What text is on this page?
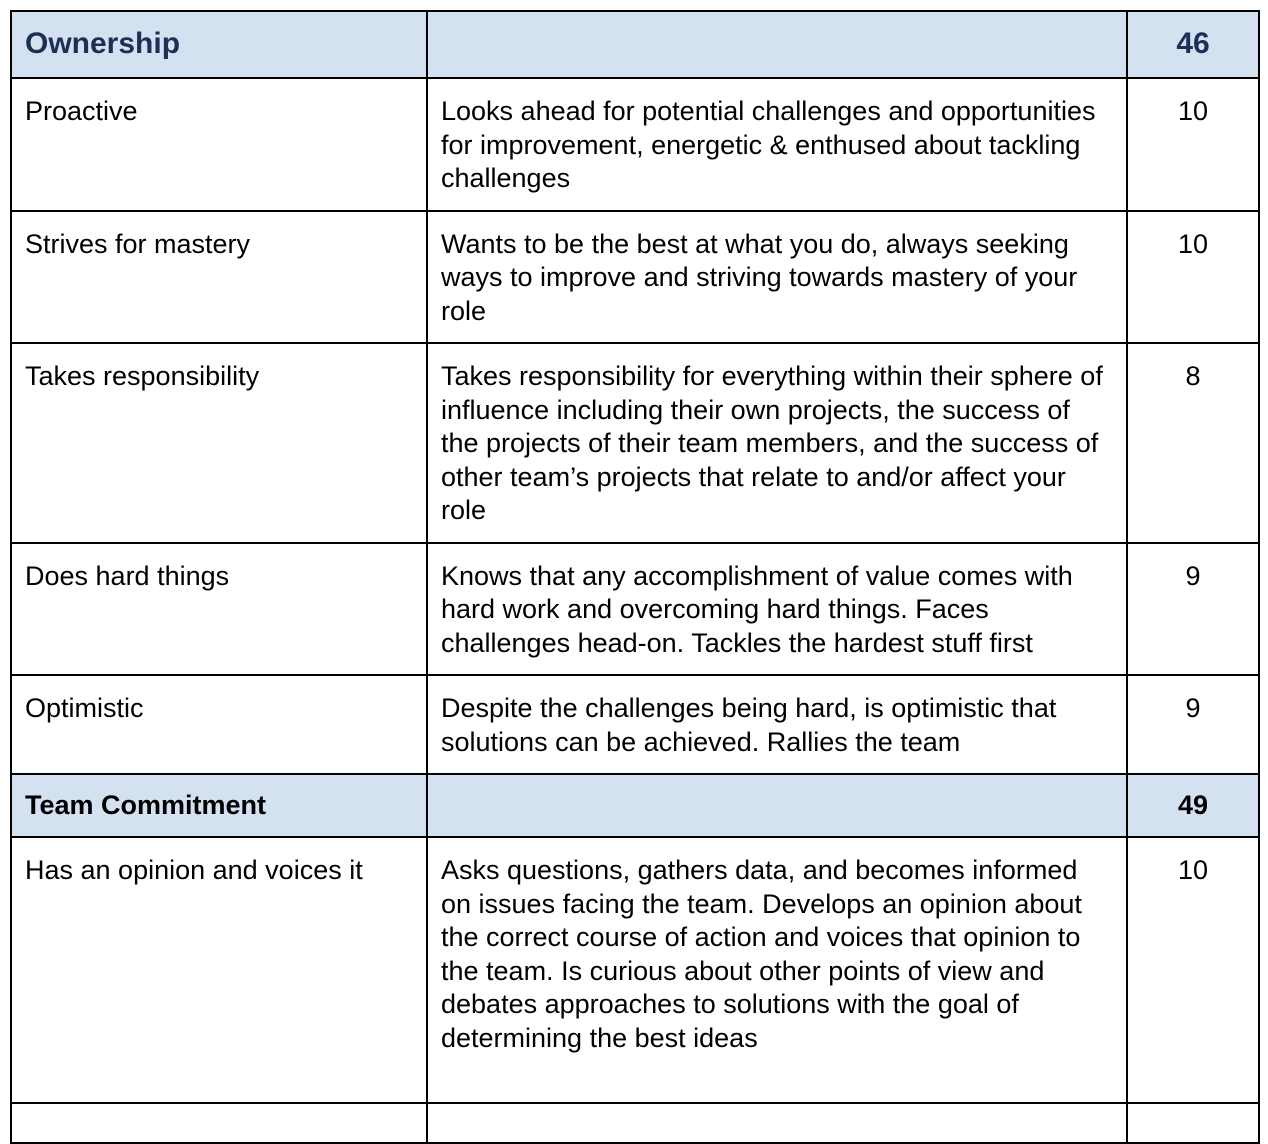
Ownership		46
Proactive	Looks ahead for potential challenges and opportunities for improvement, energetic & enthused about tackling challenges	10
Strives for mastery	Wants to be the best at what you do, always seeking ways to improve and striving towards mastery of your role	10
Takes responsibility	Takes responsibility for everything within their sphere of influence including their own projects, the success of the projects of their team members, and the success of other team’s projects that relate to and/or affect your role	8
Does hard things	Knows that any accomplishment of value comes with hard work and overcoming hard things. Faces challenges head-on. Tackles the hardest stuff first	9
Optimistic	Despite the challenges being hard, is optimistic that solutions can be achieved. Rallies the team	9
Team Commitment		49
Has an opinion and voices it	Asks questions, gathers data, and becomes informed on issues facing the team. Develops an opinion about the correct course of action and voices that opinion to the team. Is curious about other points of view and debates approaches to solutions with the goal of determining the best ideas	10
